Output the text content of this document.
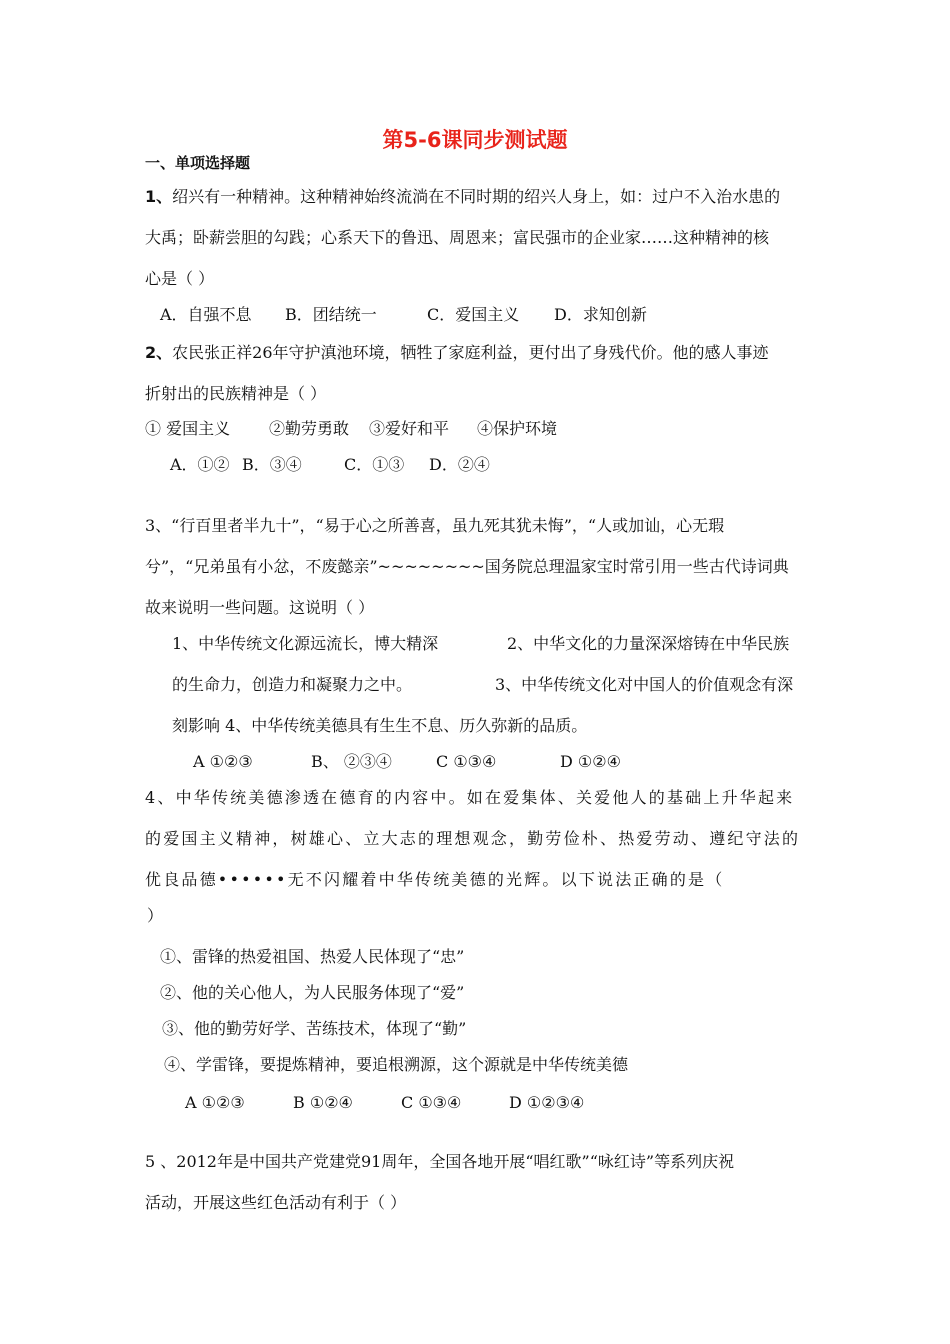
第5-6课同步测试题
一、单项选择题
1、绍兴有一种精神。这种精神始终流淌在不同时期的绍兴人身上，如：过户不入治水患的
大禹；卧薪尝胆的勾践；心系天下的鲁迅、周恩来；富民强市的企业家……这种精神的核
心是（ ）
A．自强不息 B．团结统一	C．爱国主义 D．求知创新
2、农民张正祥26年守护滇池环境，牺牲了家庭利益，更付出了身残代价。他的感人事迹
折射出的民族精神是（ ）
① 爱国主义 ②勤劳勇敢 ③爱好和平 ④保护环境
A．①② B．③④	C．①③ D．②④
3、“行百里者半九十”，“易于心之所善喜，虽九死其犹未悔”，“人或加讪，心无瑕
兮”，“兄弟虽有小忿，不废懿亲”~~~~~~~~国务院总理温家宝时常引用一些古代诗词典
故来说明一些问题。这说明（ ）
1、中华传统文化源远流长，博大精深	2、中华文化的力量深深熔铸在中华民族
的生命力，创造力和凝聚力之中。	3、中华传统文化对中国人的价值观念有深
刻影响 4、中华传统美德具有生生不息、历久弥新的品质。
A ①②③	B、 ②③④	C ①③④	D ①②④
4、中华传统美德渗透在德育的内容中。如在爱集体、关爱他人的基础上升华起来
的爱国主义精神，树雄心、立大志的理想观念，勤劳俭朴、热爱劳动、遵纪守法的
优良品德••••••无不闪耀着中华传统美德的光辉。以下说法正确的是（
）
①、雷锋的热爱祖国、热爱人民体现了“忠”
②、他的关心他人，为人民服务体现了“爱”
③、他的勤劳好学、苦练技术，体现了“勤”
④、学雷锋，要提炼精神，要追根溯源，这个源就是中华传统美德
A ①②③	B ①②④	C ①③④	D ①②③④
5 、2012年是中国共产党建党91周年，全国各地开展“唱红歌”“咏红诗”等系列庆祝
活动，开展这些红色活动有利于（ ）
